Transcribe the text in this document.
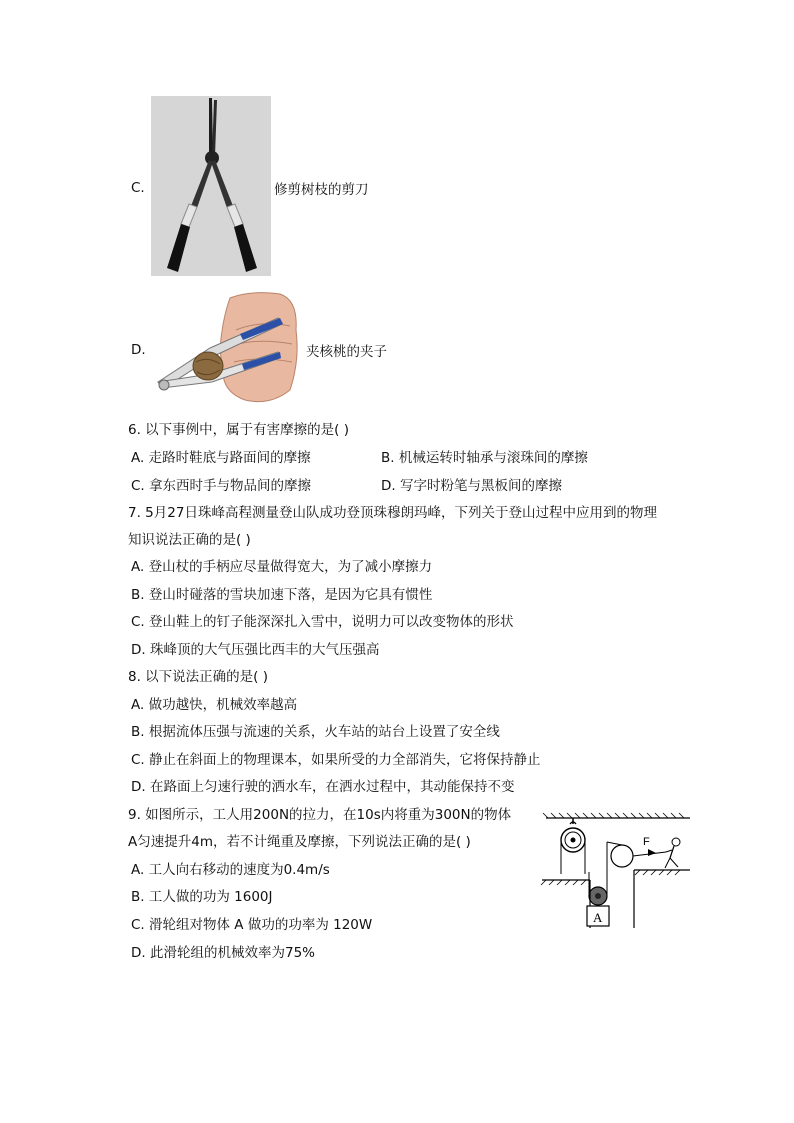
C.	修剪树枝的剪刀
D.	夹核桃的夹子
6. 以下事例中，属于有害摩擦的是( )
A. 走路时鞋底与路面间的摩擦	B. 机械运转时轴承与滚珠间的摩擦
C. 拿东西时手与物品间的摩擦	D. 写字时粉笔与黑板间的摩擦
7. 5月27日珠峰高程测量登山队成功登顶珠穆朗玛峰，下列关于登山过程中应用到的物理
知识说法正确的是( )
A. 登山杖的手柄应尽量做得宽大，为了减小摩擦力
B. 登山时碰落的雪块加速下落，是因为它具有惯性
C. 登山鞋上的钉子能深深扎入雪中，说明力可以改变物体的形状
D. 珠峰顶的大气压强比西丰的大气压强高
8. 以下说法正确的是( )
A. 做功越快，机械效率越高
B. 根据流体压强与流速的关系，火车站的站台上设置了安全线
C. 静止在斜面上的物理课本，如果所受的力全部消失，它将保持静止
D. 在路面上匀速行驶的洒水车，在洒水过程中，其动能保持不变
9. 如图所示，工人用200N的拉力，在10s内将重为300N的物体
A匀速提升4m，若不计绳重及摩擦，下列说法正确的是( )
A. 工人向右移动的速度为0.4m/s
B. 工人做的功为 1600J
C. 滑轮组对物体 A 做功的功率为 120W
D. 此滑轮组的机械效率为75%
A
F
